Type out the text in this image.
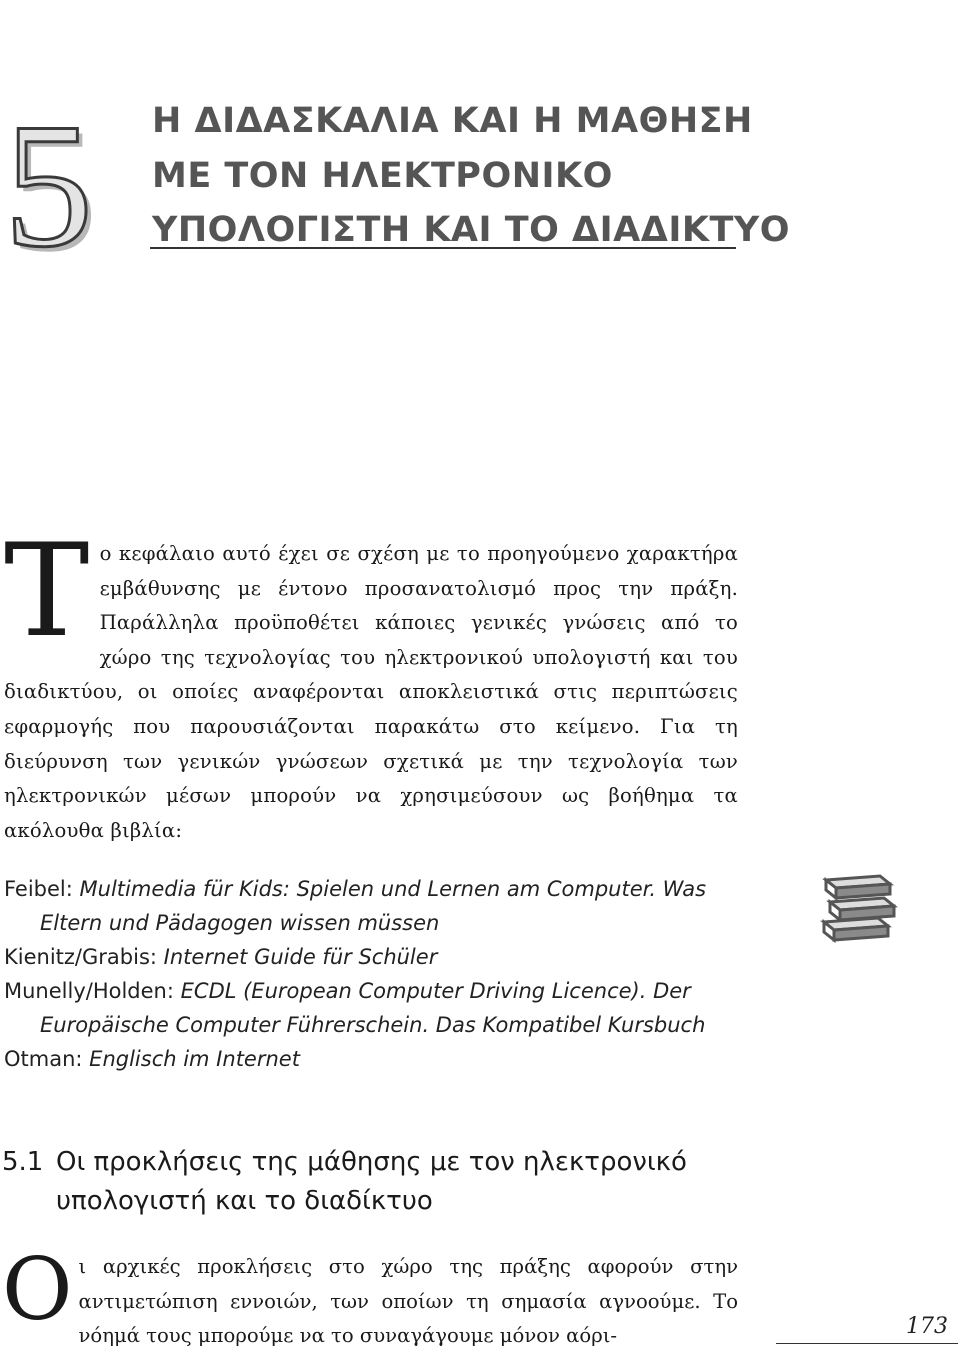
5 Η ΔΙΔΑΣΚΑΛΙΑ ΚΑΙ Η ΜΑΘΗΣΗ
ΜΕ ΤΟΝ ΗΛΕΚΤΡΟΝΙΚΟ
ΥΠΟΛΟΓΙΣΤΗ ΚΑΙ ΤΟ ΔΙΑΔΙΚΤΥΟ

Το κεφάλαιο αυτό έχει σε σχέση με το προηγούμενο χαρακτήρα εμβάθυνσης με έντονο προσανατολισμό προς την πράξη. Παράλληλα προϋποθέτει κάποιες γενικές γνώσεις από το χώρο της τεχνολογίας του ηλεκτρονικού υπολογιστή και του διαδικτύου, οι οποίες αναφέρονται αποκλειστικά στις περιπτώσεις εφαρμογής που παρουσιάζονται παρακάτω στο κείμενο. Για τη διεύρυνση των γενικών γνώσεων σχετικά με την τεχνολογία των ηλεκτρονικών μέσων μπορούν να χρησιμεύσουν ως βοήθημα τα ακόλουθα βιβλία:

Feibel: Multimedia für Kids: Spielen und Lernen am Computer. Was Eltern und Pädagogen wissen müssen
Kienitz/Grabis: Internet Guide für Schüler
Munelly/Holden: ECDL (European Computer Driving Licence). Der Europäische Computer Führerschein. Das Kompatibel Kursbuch
Otman: Englisch im Internet
5.1 Οι προκλήσεις της μάθησης με τον ηλεκτρονικό υπολογιστή και το διαδίκτυο

Οι αρχικές προκλήσεις στο χώρο της πράξης αφορούν στην αντιμετώπιση εννοιών, των οποίων τη σημασία αγνοούμε. Το νόημά τους μπορούμε να το συναγάγουμε μόνον αόρι-	173
